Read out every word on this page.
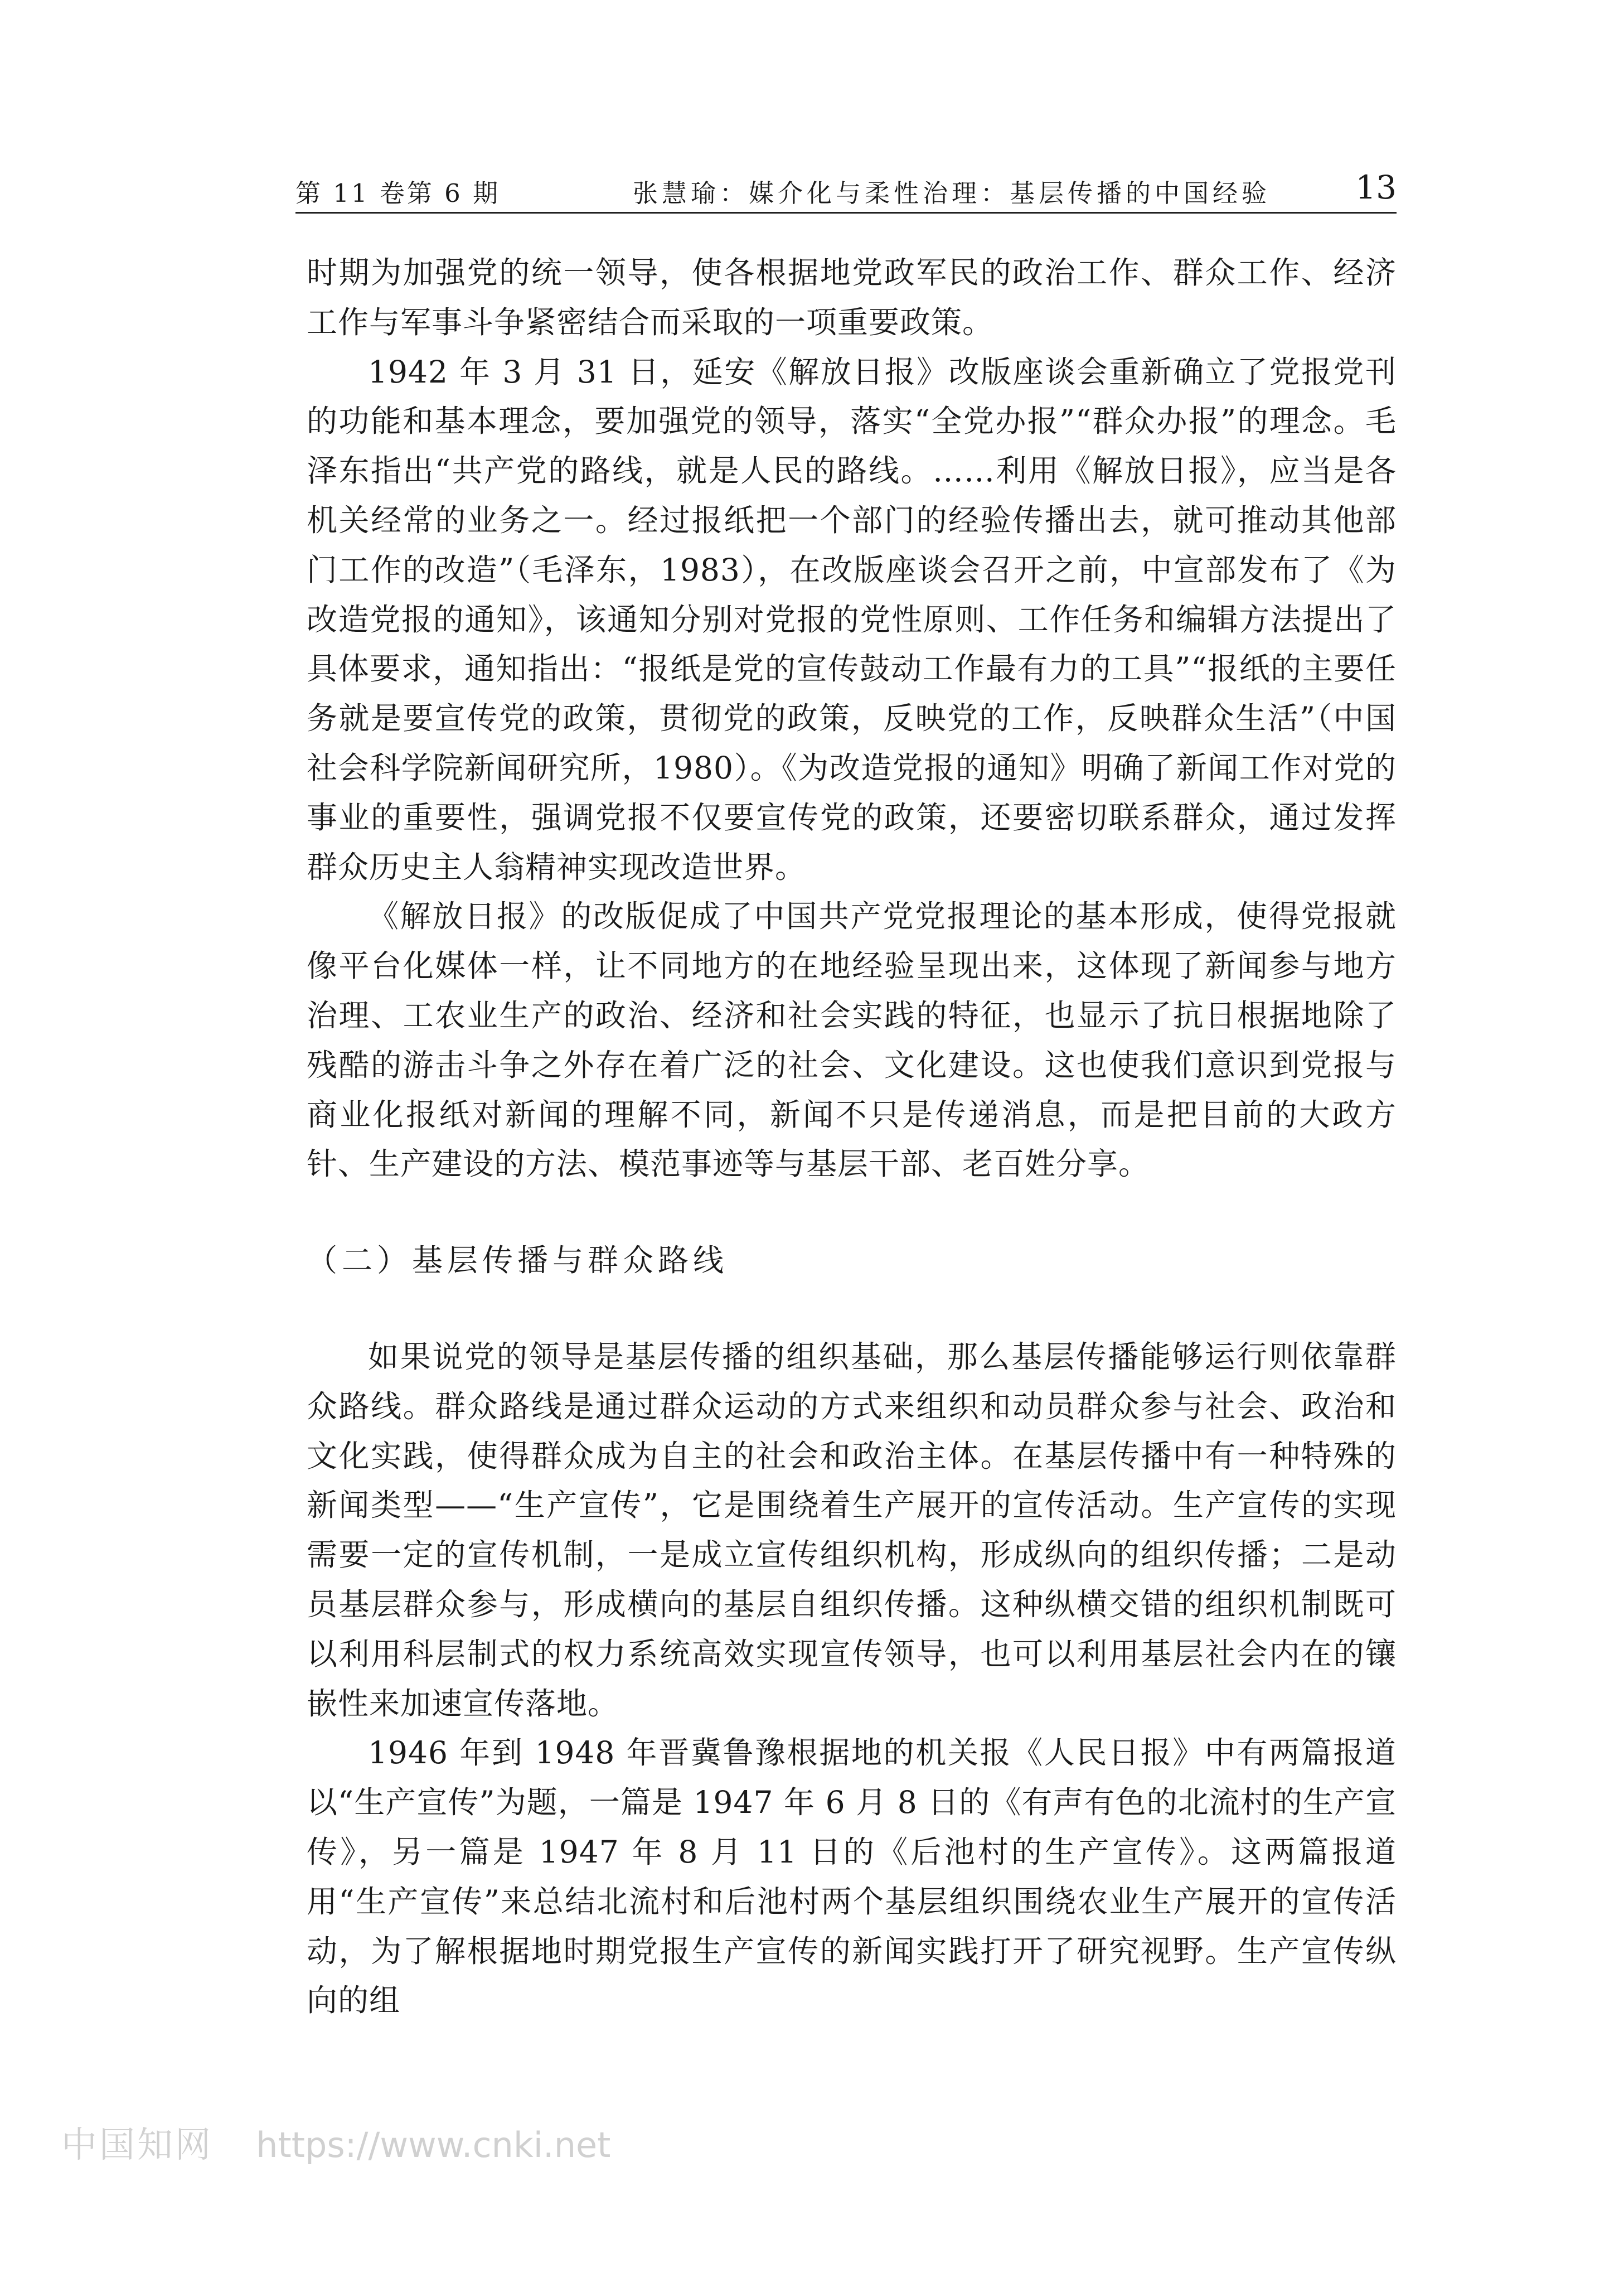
第 11 卷第 6 期	张慧瑜：媒介化与柔性治理：基层传播的中国经验	13

时期为加强党的统一领导，使各根据地党政军民的政治工作、群众工作、经济工作与军事斗争紧密结合而采取的一项重要政策。

1942 年 3 月 31 日，延安《解放日报》改版座谈会重新确立了党报党刊的功能和基本理念，要加强党的领导，落实“全党办报”“群众办报”的理念。毛泽东指出“共产党的路线，就是人民的路线。……利用《解放日报》，应当是各机关经常的业务之一。经过报纸把一个部门的经验传播出去，就可推动其他部门工作的改造”（毛泽东，1983），在改版座谈会召开之前，中宣部发布了《为改造党报的通知》，该通知分别对党报的党性原则、工作任务和编辑方法提出了具体要求，通知指出：“报纸是党的宣传鼓动工作最有力的工具”“报纸的主要任务就是要宣传党的政策，贯彻党的政策，反映党的工作，反映群众生活”（中国社会科学院新闻研究所，1980）。《为改造党报的通知》明确了新闻工作对党的事业的重要性，强调党报不仅要宣传党的政策，还要密切联系群众，通过发挥群众历史主人翁精神实现改造世界。

《解放日报》的改版促成了中国共产党党报理论的基本形成，使得党报就像平台化媒体一样，让不同地方的在地经验呈现出来，这体现了新闻参与地方治理、工农业生产的政治、经济和社会实践的特征，也显示了抗日根据地除了残酷的游击斗争之外存在着广泛的社会、文化建设。这也使我们意识到党报与商业化报纸对新闻的理解不同，新闻不只是传递消息，而是把目前的大政方针、生产建设的方法、模范事迹等与基层干部、老百姓分享。

（二）基层传播与群众路线

如果说党的领导是基层传播的组织基础，那么基层传播能够运行则依靠群众路线。群众路线是通过群众运动的方式来组织和动员群众参与社会、政治和文化实践，使得群众成为自主的社会和政治主体。在基层传播中有一种特殊的新闻类型——“生产宣传”，它是围绕着生产展开的宣传活动。生产宣传的实现需要一定的宣传机制，一是成立宣传组织机构，形成纵向的组织传播；二是动员基层群众参与，形成横向的基层自组织传播。这种纵横交错的组织机制既可以利用科层制式的权力系统高效实现宣传领导，也可以利用基层社会内在的镶嵌性来加速宣传落地。

1946 年到 1948 年晋冀鲁豫根据地的机关报《人民日报》中有两篇报道以“生产宣传”为题，一篇是 1947 年 6 月 8 日的《有声有色的北流村的生产宣传》，另一篇是 1947 年 8 月 11 日的《后池村的生产宣传》。这两篇报道用“生产宣传”来总结北流村和后池村两个基层组织围绕农业生产展开的宣传活动，为了解根据地时期党报生产宣传的新闻实践打开了研究视野。生产宣传纵向的组

中国知网 https://www.cnki.net
